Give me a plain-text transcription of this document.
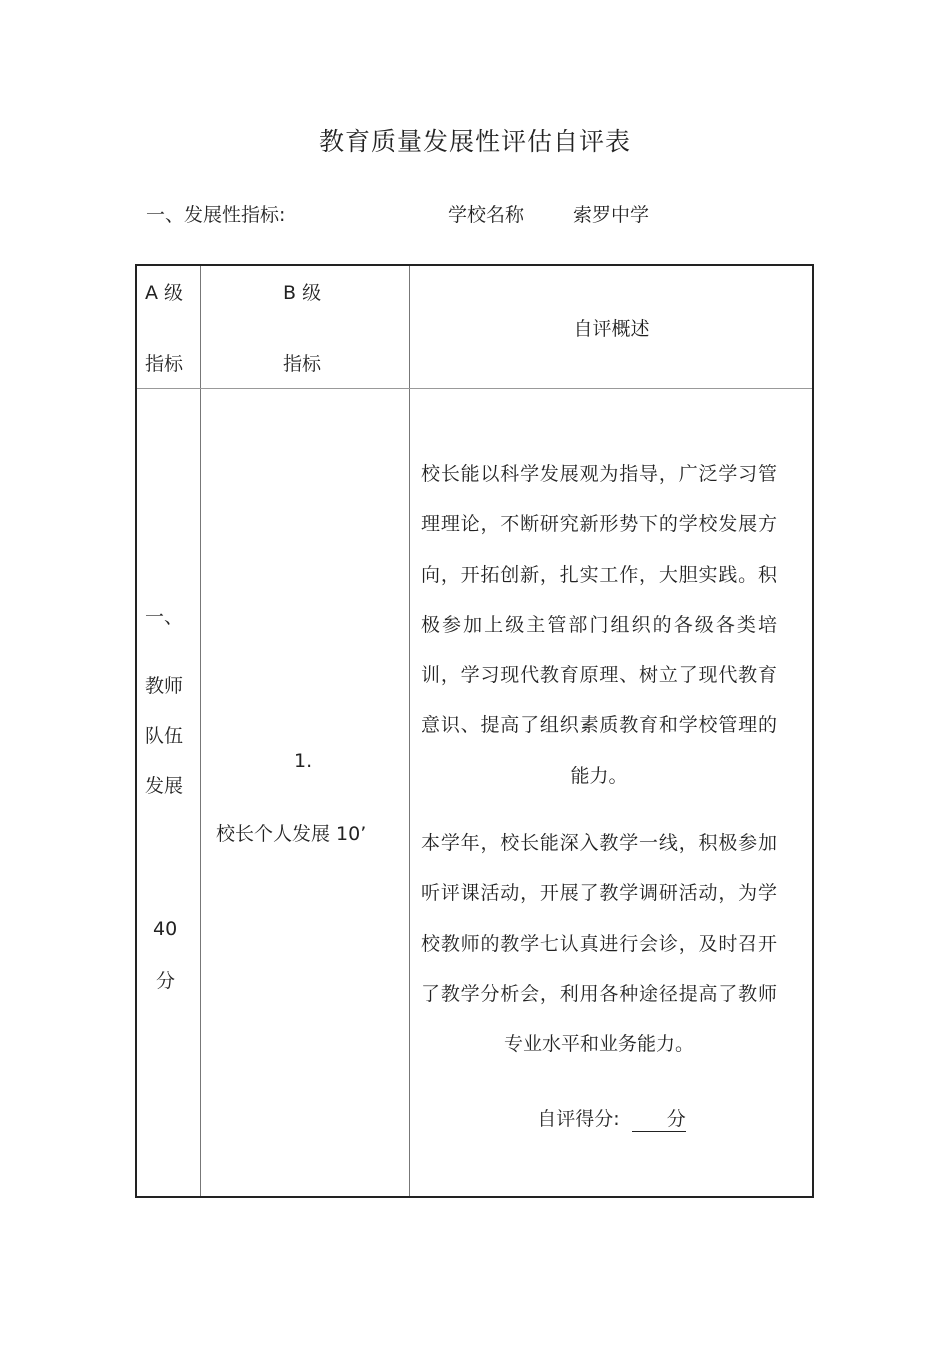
教育质量发展性评估自评表
一、发展性指标:	学校名称	索罗中学
A 级
指标
B 级
指标
自评概述
一、
教师
队伍
发展
40
分
1.
校长个人发展 10’
校长能以科学发展观为指导，广泛学习管理理论，不断研究新形势下的学校发展方向，开拓创新，扎实工作，大胆实践。积极参加上级主管部门组织的各级各类培训，学习现代教育原理、树立了现代教育意识、提高了组织素质教育和学校管理的能力。
本学年，校长能深入教学一线，积极参加听评课活动，开展了教学调研活动，为学校教师的教学七认真进行会诊，及时召开了教学分析会，利用各种途径提高了教师专业水平和业务能力。
自评得分: 分
